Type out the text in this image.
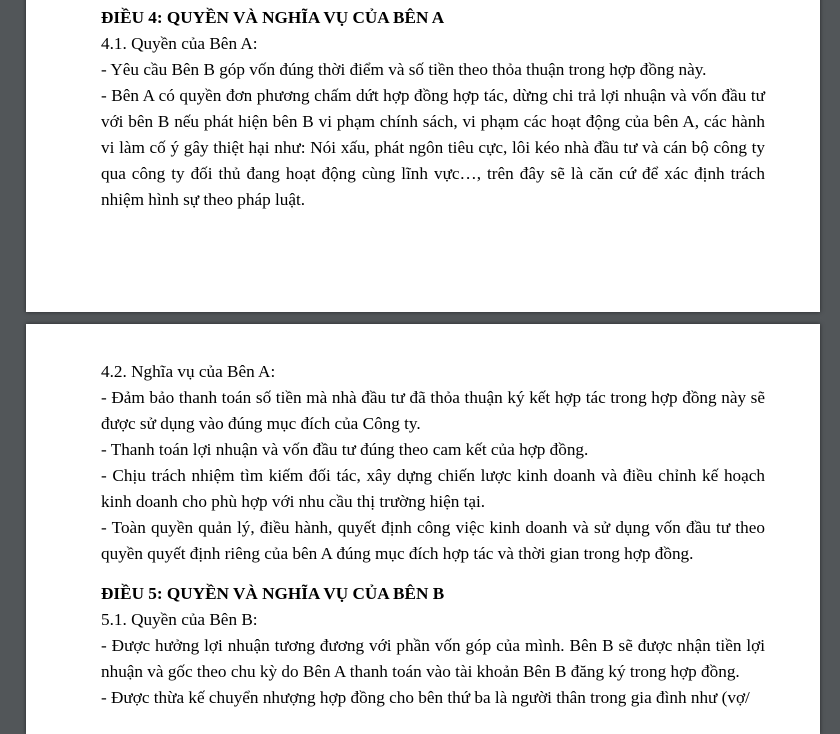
ĐIỀU 4: QUYỀN VÀ NGHĨA VỤ CỦA BÊN A

4.1. Quyền của Bên A:

- Yêu cầu Bên B góp vốn đúng thời điểm và số tiền theo thỏa thuận trong hợp đồng này.

- Bên A có quyền đơn phương chấm dứt hợp đồng hợp tác, dừng chi trả lợi nhuận và vốn đầu tư với bên B nếu phát hiện bên B vi phạm chính sách, vi phạm các hoạt động của bên A, các hành vi làm cố ý gây thiệt hại như: Nói xấu, phát ngôn tiêu cực, lôi kéo nhà đầu tư và cán bộ công ty qua công ty đối thủ đang hoạt động cùng lĩnh vực…, trên đây sẽ là căn cứ để xác định trách nhiệm hình sự theo pháp luật.

4.2. Nghĩa vụ của Bên A:

- Đảm bảo thanh toán số tiền mà nhà đầu tư đã thỏa thuận ký kết hợp tác trong hợp đồng này sẽ được sử dụng vào đúng mục đích của Công ty.

- Thanh toán lợi nhuận và vốn đầu tư đúng theo cam kết của hợp đồng.

- Chịu trách nhiệm tìm kiếm đối tác, xây dựng chiến lược kinh doanh và điều chỉnh kế hoạch kinh doanh cho phù hợp với nhu cầu thị trường hiện tại.

- Toàn quyền quản lý, điều hành, quyết định công việc kinh doanh và sử dụng vốn đầu tư theo quyền quyết định riêng của bên A đúng mục đích hợp tác và thời gian trong hợp đồng.

ĐIỀU 5: QUYỀN VÀ NGHĨA VỤ CỦA BÊN B

5.1. Quyền của Bên B:

- Được hưởng lợi nhuận tương đương với phần vốn góp của mình. Bên B sẽ được nhận tiền lợi nhuận và gốc theo chu kỳ do Bên A thanh toán vào tài khoản Bên B đăng ký trong hợp đồng.

- Được thừa kế chuyển nhượng hợp đồng cho bên thứ ba là người thân trong gia đình như (vợ/
